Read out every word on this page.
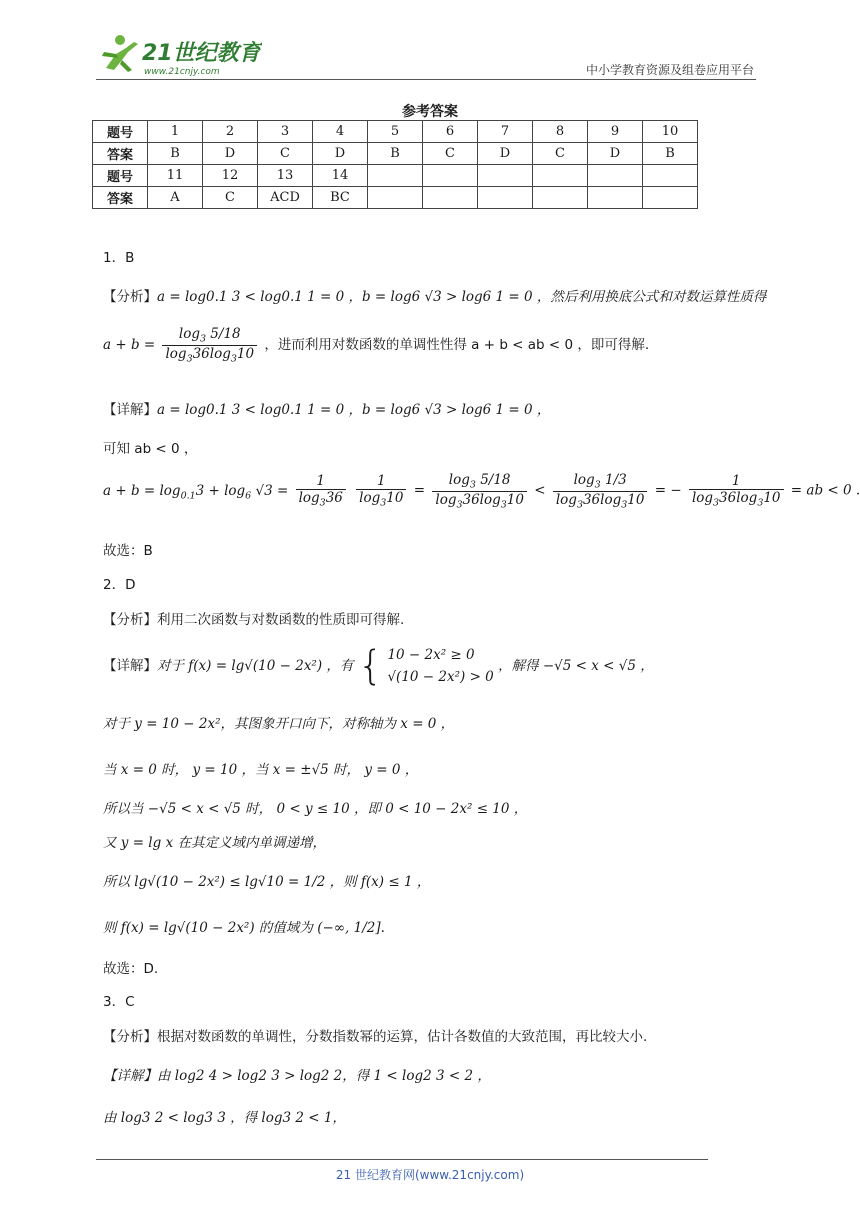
21世纪教育
www.21cnjy.com	中小学教育资源及组卷应用平台
参考答案
题号	1	2	3	4	5	6	7	8	9	10
答案	B	D	C	D	B	C	D	C	D	B
题号	11	12	13	14						
答案	A	C	ACD	BC						
1．B
【分析】a = log0.1 3 < log0.1 1 = 0 ，b = log6 √3 > log6 1 = 0 ，然后利用换底公式和对数运算性质得
$a + b = \frac{\log_3 5/18}{\log_336\log_310}$ ，进而利用对数函数的单调性性得 a + b < ab < 0 ，即可得解.
【详解】a = log0.1 3 < log0.1 1 = 0 ，b = log6 √3 > log6 1 = 0 ，
可知 ab < 0 ，
$a + b = \log_{0.1}3 + \log_6 √3 = \frac{1}{\log_336}$
$\frac{1}{\log_310} = \frac{\log_3 5/18}{\log_336\log_310} < \frac{\log_3 1/3}{\log_336\log_310}$ = − $\frac{1}{\log_336\log_310}$ = ab < 0 .
故选：B
2．D
【分析】利用二次函数与对数函数的性质即可得解.
【详解】对于 f(x) = lg√(10 − 2x²) ，有 { 10 − 2x² ≥ 0
√(10 − 2x²) > 0
，解得 −√5 < x < √5 ，
对于 y = 10 − 2x²，其图象开口向下，对称轴为 x = 0 ，
当 x = 0 时， y = 10 ，当 x = ±√5 时， y = 0 ，
所以当 −√5 < x < √5 时， 0 < y ≤ 10 ，即 0 < 10 − 2x² ≤ 10 ，
又 y = lg x 在其定义域内单调递增，
所以 lg√(10 − 2x²) ≤ lg√10 = 1/2 ，则 f(x) ≤ 1 ，
则 f(x) = lg√(10 − 2x²) 的值域为 (−∞, 1/2].
故选：D.
3．C
【分析】根据对数函数的单调性，分数指数幂的运算，估计各数值的大致范围，再比较大小.
【详解】由 log2 4 > log2 3 > log2 2，得 1 < log2 3 < 2 ，
由 log3 2 < log3 3 ，得 log3 2 < 1，
21 世纪教育网(www.21cnjy.com)
